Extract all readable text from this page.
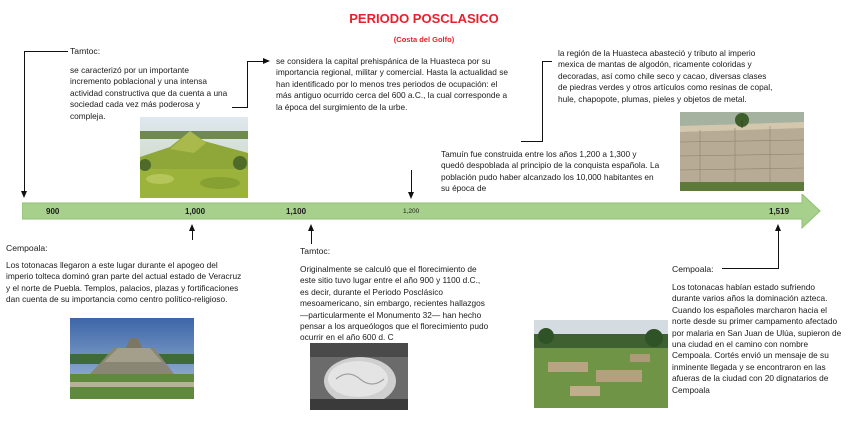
PERIODO POSCLASICO
(Costa del Golfo)
900	1,000	1,100	1,200	1,519
Tamtoc:
se caracterizó por un importante incremento poblacional y una intensa actividad constructiva que da cuenta a una sociedad cada vez más poderosa y compleja.
se considera la capital prehispánica de la Huasteca por su importancia regional, militar y comercial. Hasta la actualidad se han identificado por lo menos tres periodos de ocupación: el más antiguo ocurrido cerca del 600 a.C., la cual corresponde a la época del surgimiento de la urbe.
la región de la Huasteca abasteció y tributo al imperio mexica de mantas de algodón, ricamente coloridas y decoradas, así como chile seco y cacao, diversas clases de piedras verdes y otros artículos como resinas de copal, hule, chapopote, plumas, pieles y objetos de metal.
Tamuín fue construida entre los años 1,200 a 1,300 y quedó despoblada al principio de la conquista española. La población pudo haber alcanzado los 10,000 habitantes en su época de
Cempoala:
Los totonacas llegaron a este lugar durante el apogeo del imperio tolteca dominó gran parte del actual estado de Veracruz y el norte de Puebla. Templos, palacios, plazas y fortificaciones dan cuenta de su importancia como centro político-religioso.
Tamtoc:
Originalmente se calculó que el florecimiento de este sitio tuvo lugar entre el año 900 y 1100 d.C., es decir, durante el Periodo Posclásico mesoamericano, sin embargo, recientes hallazgos —particularmente el Monumento 32— han hecho pensar a los arqueólogos que el florecimiento pudo ocurrir en el año 600 d. C
Cempoala:
Los totonacas habían estado sufriendo durante varios años la dominación azteca. Cuando los españoles marcharon hacia el norte desde su primer campamento afectado por malaria en San Juan de Ulúa, supieron de una ciudad en el camino con nombre Cempoala. Cortés envió un mensaje de su inminente llegada y se encontraron en las afueras de la ciudad con 20 dignatarios de Cempoala
